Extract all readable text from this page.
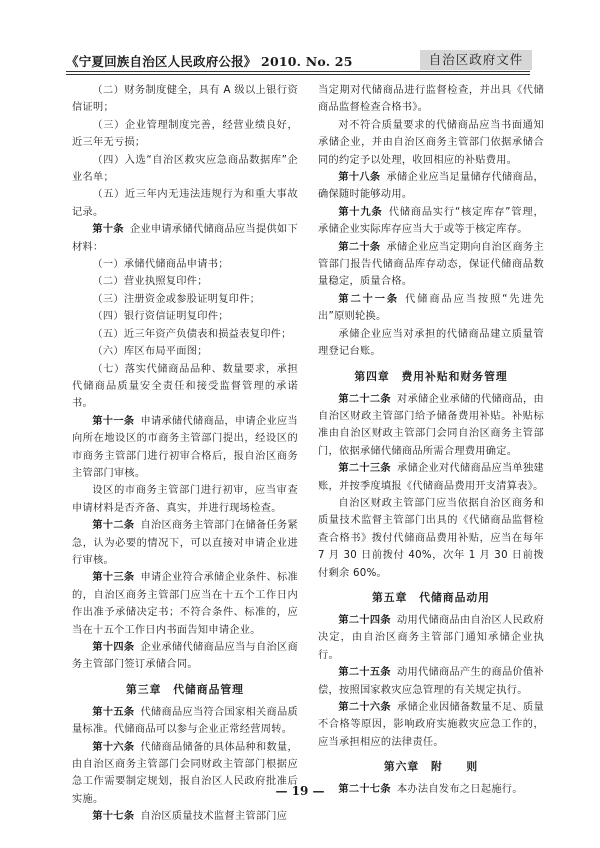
《宁夏回族自治区人民政府公报》 2010. No. 25	自治区政府文件

（二）财务制度健全，具有 A 级以上银行资信证明；

（三）企业管理制度完善，经营业绩良好，近三年无亏损；

（四）入选“自治区救灾应急商品数据库”企业名单；

（五）近三年内无违法违规行为和重大事故记录。

第十条 企业申请承储代储商品应当提供如下材料：

（一）承储代储商品申请书；

（二）营业执照复印件；

（三）注册资金或参股证明复印件；

（四）银行资信证明复印件；

（五）近三年资产负债表和损益表复印件；

（六）库区布局平面图；

（七）落实代储商品品种、数量要求，承担代储商品质量安全责任和接受监督管理的承诺书。

第十一条 申请承储代储商品，申请企业应当向所在地设区的市商务主管部门提出，经设区的市商务主管部门进行初审合格后，报自治区商务主管部门审核。

设区的市商务主管部门进行初审，应当审查申请材料是否齐备、真实，并进行现场检查。

第十二条 自治区商务主管部门在储备任务紧急，认为必要的情况下，可以直接对申请企业进行审核。

第十三条 申请企业符合承储企业条件、标准的，自治区商务主管部门应当在十五个工作日内作出准予承储决定书；不符合条件、标准的，应当在十五个工作日内书面告知申请企业。

第十四条 企业承储代储商品应当与自治区商务主管部门签订承储合同。

第三章　代储商品管理

第十五条 代储商品应当符合国家相关商品质量标准。代储商品可以参与企业正常经营周转。

第十六条 代储商品储备的具体品种和数量，由自治区商务主管部门会同财政主管部门根据应急工作需要制定规划，报自治区人民政府批准后实施。

第十七条 自治区质量技术监督主管部门应

当定期对代储商品进行监督检查，并出具《代储商品监督检查合格书》。

对不符合质量要求的代储商品应当书面通知承储企业，并由自治区商务主管部门依据承储合同的约定予以处理，收回相应的补贴费用。

第十八条 承储企业应当足量储存代储商品，确保随时能够动用。

第十九条 代储商品实行“核定库存”管理，承储企业实际库存应当大于或等于核定库存。

第二十条 承储企业应当定期向自治区商务主管部门报告代储商品库存动态，保证代储商品数量稳定，质量合格。

第二十一条 代储商品应当按照“先进先出”原则轮换。

承储企业应当对承担的代储商品建立质量管理登记台账。

第四章　费用补贴和财务管理

第二十二条 对承储企业承储的代储商品，由自治区财政主管部门给予储备费用补贴。补贴标准由自治区财政主管部门会同自治区商务主管部门，依据承储代储商品所需合理费用确定。

第二十三条 承储企业对代储商品应当单独建账，并按季度填报《代储商品费用开支清算表》。

自治区财政主管部门应当依据自治区商务和质量技术监督主管部门出具的《代储商品监督检查合格书》拨付代储商品费用补贴，应当在每年 7 月 30 日前拨付 40%，次年 1 月 30 日前拨付剩余 60%。

第五章　代储商品动用

第二十四条 动用代储商品由自治区人民政府决定，由自治区商务主管部门通知承储企业执行。

第二十五条 动用代储商品产生的商品价值补偿，按照国家救灾应急管理的有关规定执行。

第二十六条 承储企业因储备数量不足、质量不合格等原因，影响政府实施救灾应急工作的，应当承担相应的法律责任。

第六章　附　　则

第二十七条 本办法自发布之日起施行。

— 19 —
